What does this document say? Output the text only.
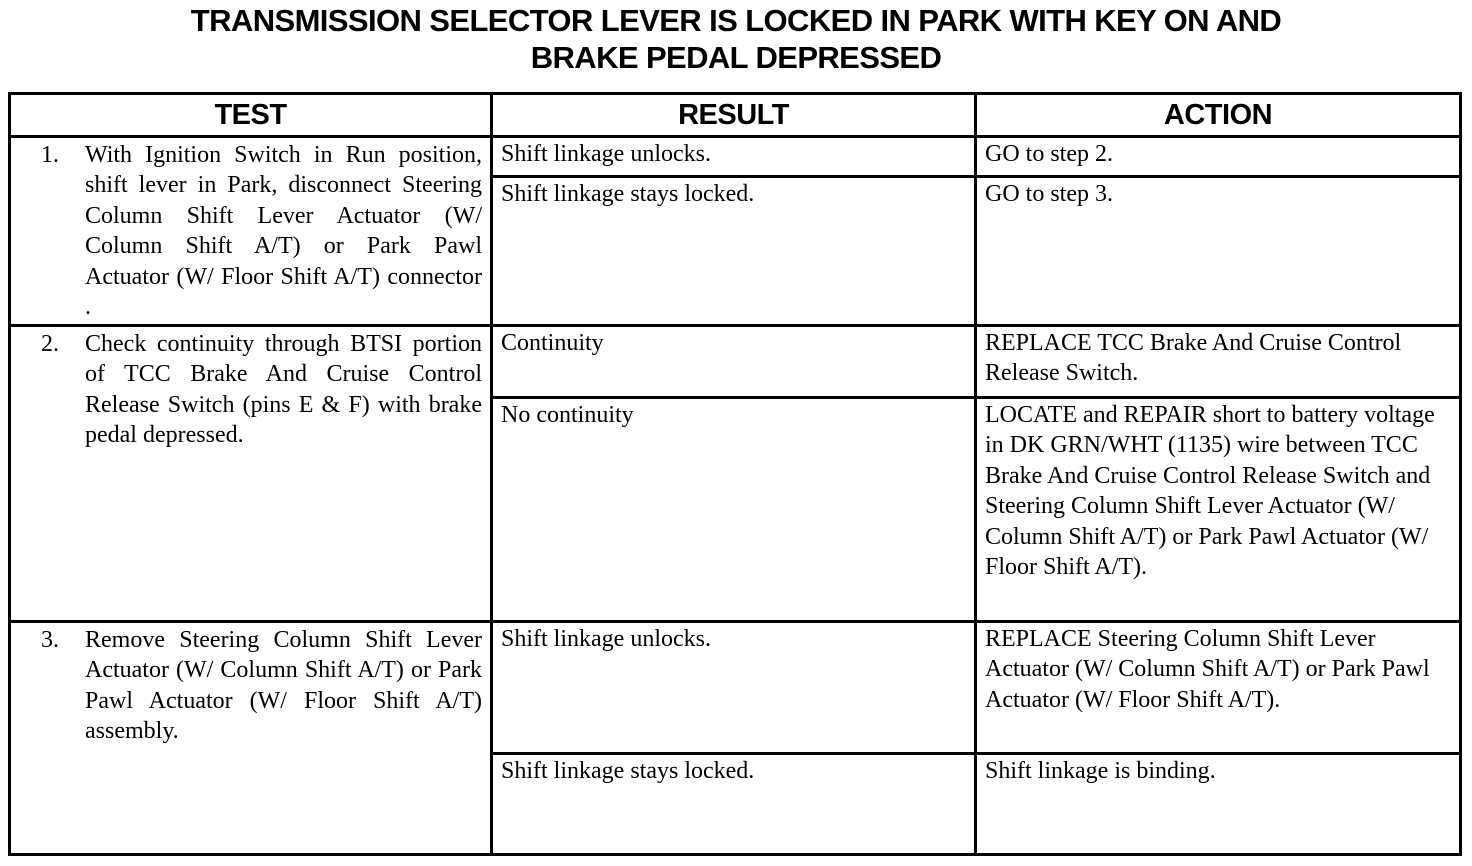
TRANSMISSION SELECTOR LEVER IS LOCKED IN PARK WITH KEY ON AND
BRAKE PEDAL DEPRESSED
TEST	RESULT	ACTION
1.	With Ignition Switch in Run position, shift lever in Park, disconnect Steering Column Shift Lever Actuator (W/ Column Shift A/T) or Park Pawl Actuator (W/ Floor Shift A/T) connector .
Shift linkage unlocks.	GO to step 2.
Shift linkage stays locked.	GO to step 3.
2.	Check continuity through BTSI portion of TCC Brake And Cruise Control Release Switch (pins E & F) with brake pedal depressed.
Continuity	REPLACE TCC Brake And Cruise Control Release Switch.
No continuity	LOCATE and REPAIR short to battery voltage in DK GRN/WHT (1135) wire between TCC Brake And Cruise Control Release Switch and Steering Column Shift Lever Actuator (W/ Column Shift A/T) or Park Pawl Actuator (W/ Floor Shift A/T).
3.	Remove Steering Column Shift Lever Actuator (W/ Column Shift A/T) or Park Pawl Actuator (W/ Floor Shift A/T) assembly.
Shift linkage unlocks.	REPLACE Steering Column Shift Lever Actuator (W/ Column Shift A/T) or Park Pawl Actuator (W/ Floor Shift A/T).
Shift linkage stays locked.	Shift linkage is binding.
